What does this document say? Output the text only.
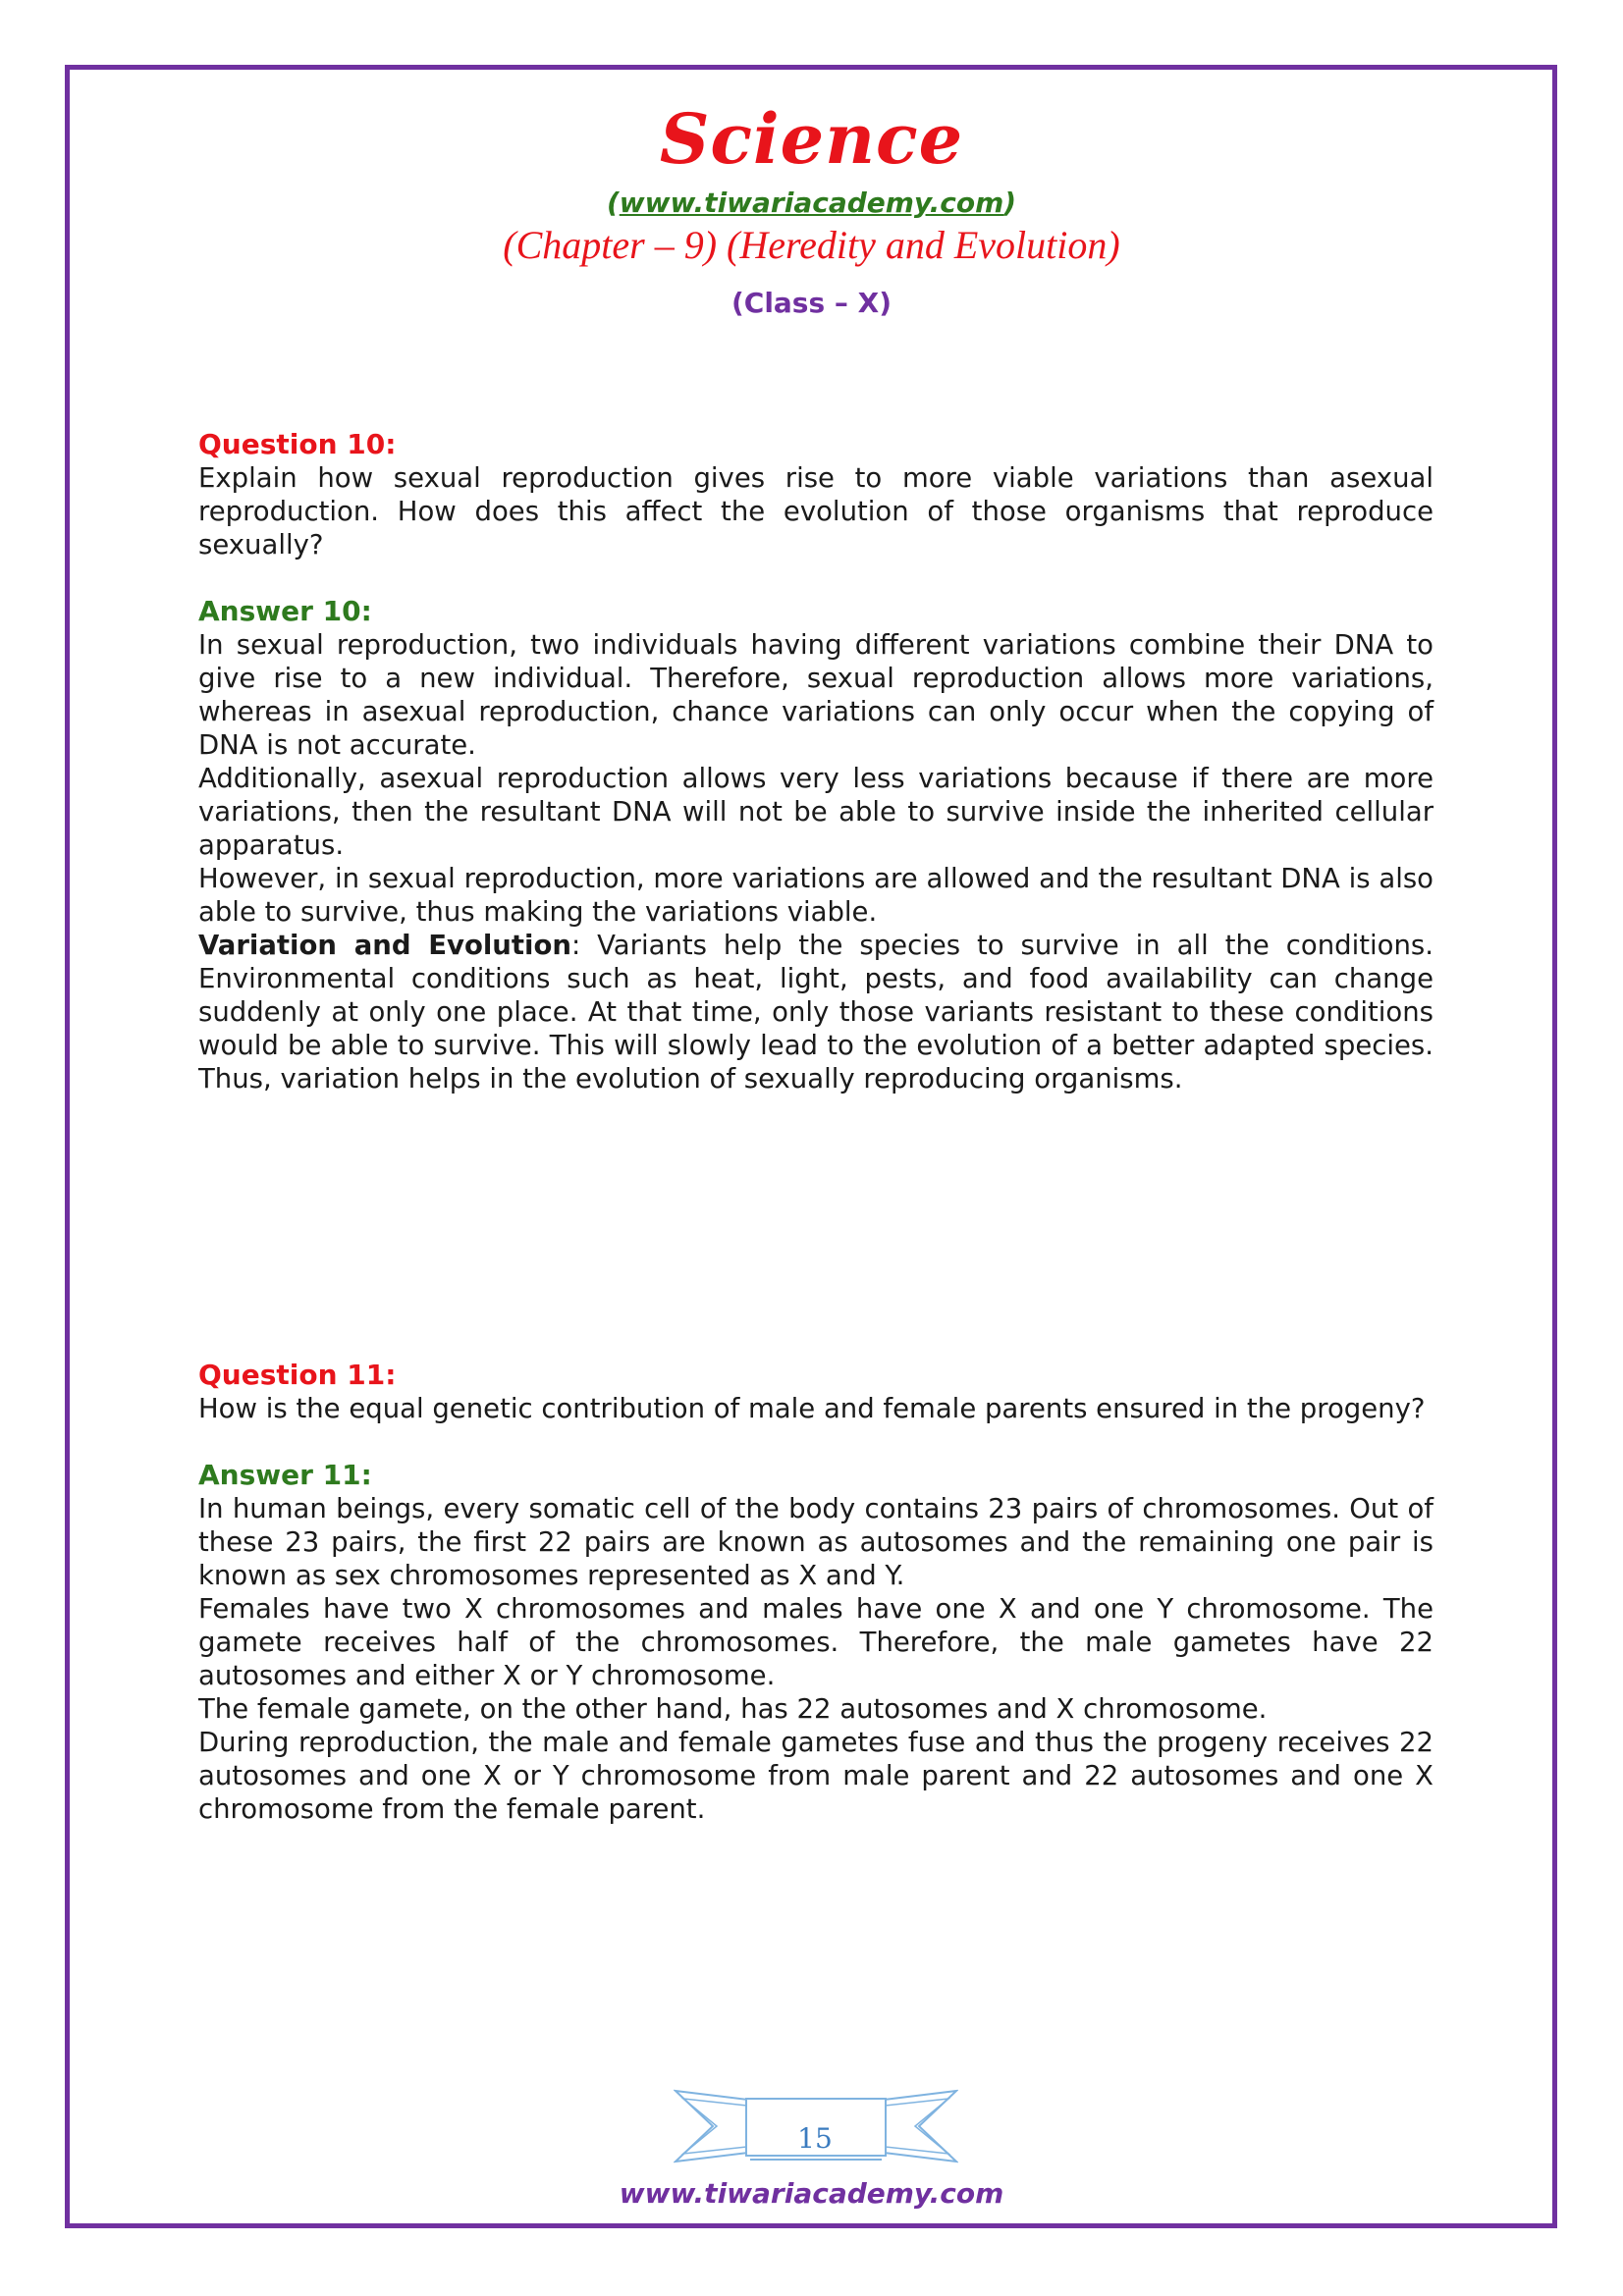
Science
(www.tiwariacademy.com)
(Chapter – 9) (Heredity and Evolution)
(Class – X)
Question 10:

Explain how sexual reproduction gives rise to more viable variations than asexual reproduction. How does this affect the evolution of those organisms that reproduce sexually?

Answer 10:

In sexual reproduction, two individuals having different variations combine their DNA to give rise to a new individual. Therefore, sexual reproduction allows more variations, whereas in asexual reproduction, chance variations can only occur when the copying of DNA is not accurate.

Additionally, asexual reproduction allows very less variations because if there are more variations, then the resultant DNA will not be able to survive inside the inherited cellular apparatus.

However, in sexual reproduction, more variations are allowed and the resultant DNA is also able to survive, thus making the variations viable.

Variation and Evolution: Variants help the species to survive in all the conditions. Environmental conditions such as heat, light, pests, and food availability can change suddenly at only one place. At that time, only those variants resistant to these conditions would be able to survive. This will slowly lead to the evolution of a better adapted species. Thus, variation helps in the evolution of sexually reproducing organisms.

Question 11:

How is the equal genetic contribution of male and female parents ensured in the progeny?

Answer 11:

In human beings, every somatic cell of the body contains 23 pairs of chromosomes. Out of these 23 pairs, the first 22 pairs are known as autosomes and the remaining one pair is known as sex chromosomes represented as X and Y.

Females have two X chromosomes and males have one X and one Y chromosome. The gamete receives half of the chromosomes. Therefore, the male gametes have 22 autosomes and either X or Y chromosome.

The female gamete, on the other hand, has 22 autosomes and X chromosome.

During reproduction, the male and female gametes fuse and thus the progeny receives 22 autosomes and one X or Y chromosome from male parent and 22 autosomes and one X chromosome from the female parent.

15
www.tiwariacademy.com
